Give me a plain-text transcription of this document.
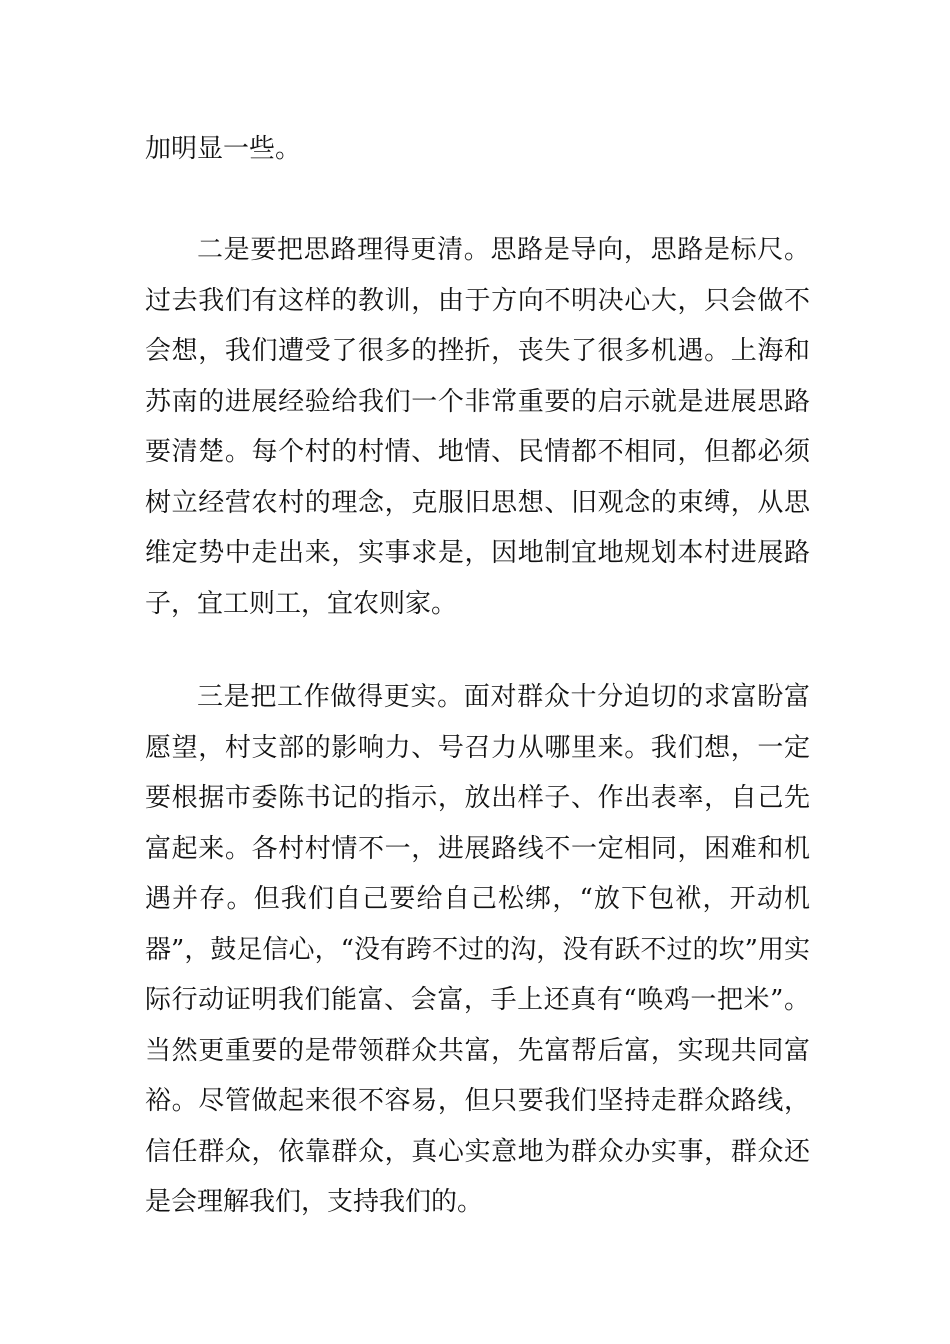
加明显一些。

二是要把思路理得更清。思路是导向，思路是标尺。过去我们有这样的教训，由于方向不明决心大，只会做不会想，我们遭受了很多的挫折，丧失了很多机遇。上海和苏南的进展经验给我们一个非常重要的启示就是进展思路要清楚。每个村的村情、地情、民情都不相同，但都必须树立经营农村的理念，克服旧思想、旧观念的束缚，从思维定势中走出来，实事求是，因地制宜地规划本村进展路子，宜工则工，宜农则家。

三是把工作做得更实。面对群众十分迫切的求富盼富愿望，村支部的影响力、号召力从哪里来。我们想，一定要根据市委陈书记的指示，放出样子、作出表率，自己先富起来。各村村情不一，进展路线不一定相同，困难和机遇并存。但我们自己要给自己松绑，“放下包袱，开动机器”，鼓足信心，“没有跨不过的沟，没有跃不过的坎”用实际行动证明我们能富、会富，手上还真有“唤鸡一把米”。当然更重要的是带领群众共富，先富帮后富，实现共同富裕。尽管做起来很不容易，但只要我们坚持走群众路线，信任群众，依靠群众，真心实意地为群众办实事，群众还是会理解我们，支持我们的。
